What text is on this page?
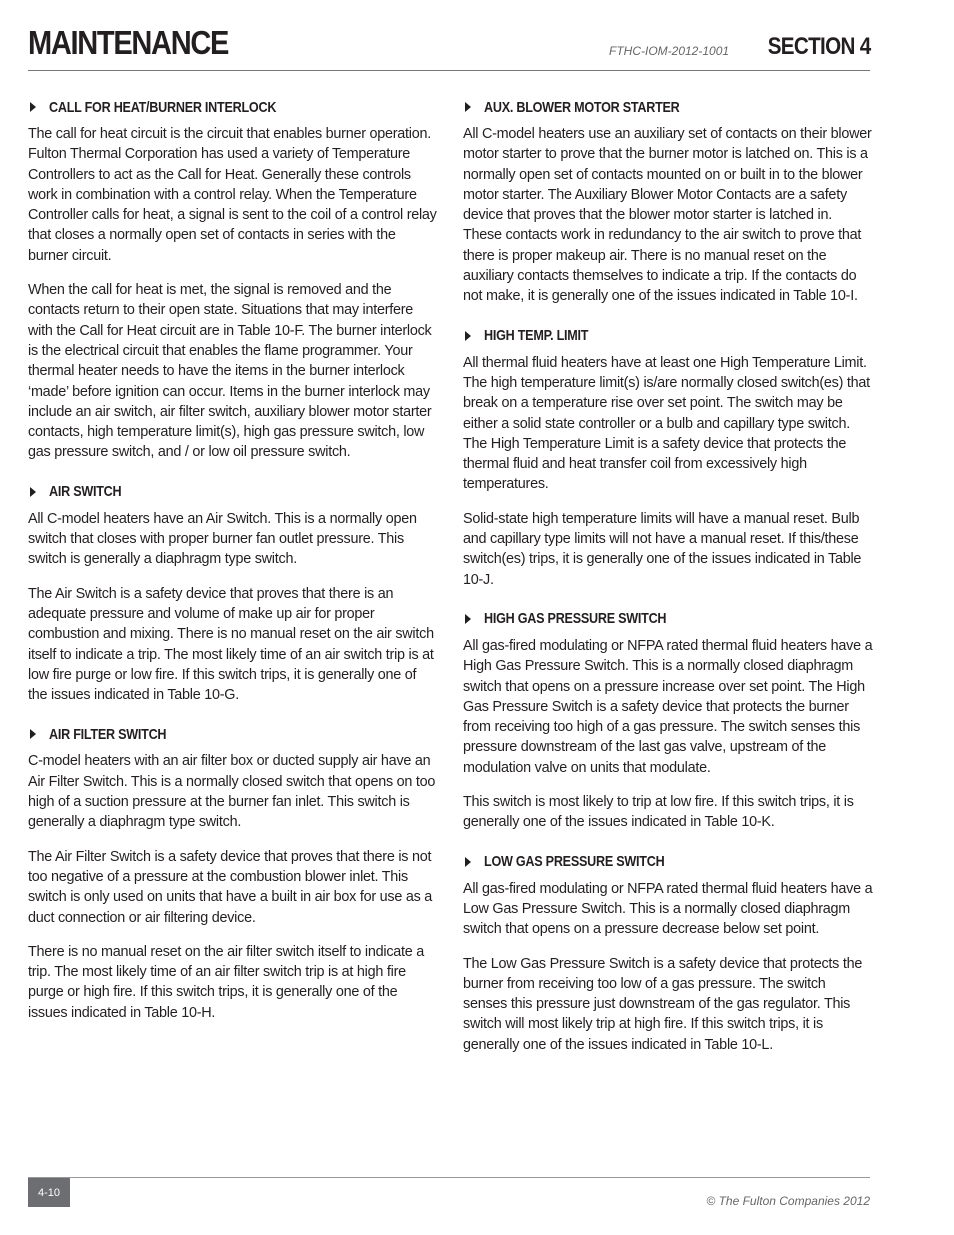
MAINTENANCE	FTHC-IOM-2012-1001 SECTION 4
CALL FOR HEAT/BURNER INTERLOCK

The call for heat circuit is the circuit that enables burner operation. Fulton Thermal Corporation has used a variety of Temperature Controllers to act as the Call for Heat. Generally these controls work in combination with a control relay. When the Temperature Controller calls for heat, a signal is sent to the coil of a control relay that closes a normally open set of contacts in series with the burner circuit.

When the call for heat is met, the signal is removed and the contacts return to their open state. Situations that may interfere with the Call for Heat circuit are in Table 10-F. The burner interlock is the electrical circuit that enables the flame programmer. Your thermal heater needs to have the items in the burner interlock ‘made’ before ignition can occur. Items in the burner interlock may include an air switch, air filter switch, auxiliary blower motor starter contacts, high temperature limit(s), high gas pressure switch, low gas pressure switch, and / or low oil pressure switch.

AIR SWITCH

All C-model heaters have an Air Switch. This is a normally open switch that closes with proper burner fan outlet pressure. This switch is generally a diaphragm type switch.

The Air Switch is a safety device that proves that there is an adequate pressure and volume of make up air for proper combustion and mixing. There is no manual reset on the air switch itself to indicate a trip. The most likely time of an air switch trip is at low fire purge or low fire. If this switch trips, it is generally one of the issues indicated in Table 10-G.

AIR FILTER SWITCH

C-model heaters with an air filter box or ducted supply air have an Air Filter Switch. This is a normally closed switch that opens on too high of a suction pressure at the burner fan inlet. This switch is generally a diaphragm type switch.

The Air Filter Switch is a safety device that proves that there is not too negative of a pressure at the combustion blower inlet. This switch is only used on units that have a built in air box for use as a duct connection or air filtering device.

There is no manual reset on the air filter switch itself to indicate a trip. The most likely time of an air filter switch trip is at high fire purge or high fire. If this switch trips, it is generally one of the issues indicated in Table 10-H.

AUX. BLOWER MOTOR STARTER

All C-model heaters use an auxiliary set of contacts on their blower motor starter to prove that the burner motor is latched on. This is a normally open set of contacts mounted on or built in to the blower motor starter. The Auxiliary Blower Motor Contacts are a safety device that proves that the blower motor starter is latched in. These contacts work in redundancy to the air switch to prove that there is proper makeup air. There is no manual reset on the auxiliary contacts themselves to indicate a trip. If the contacts do not make, it is generally one of the issues indicated in Table 10-I.

HIGH TEMP. LIMIT

All thermal fluid heaters have at least one High Temperature Limit. The high temperature limit(s) is/are normally closed switch(es) that break on a temperature rise over set point. The switch may be either a solid state controller or a bulb and capillary type switch. The High Temperature Limit is a safety device that protects the thermal fluid and heat transfer coil from excessively high temperatures.

Solid-state high temperature limits will have a manual reset. Bulb and capillary type limits will not have a manual reset. If this/these switch(es) trips, it is generally one of the issues indicated in Table 10-J.

HIGH GAS PRESSURE SWITCH

All gas-fired modulating or NFPA rated thermal fluid heaters have a High Gas Pressure Switch. This is a normally closed diaphragm switch that opens on a pressure increase over set point. The High Gas Pressure Switch is a safety device that protects the burner from receiving too high of a gas pressure. The switch senses this pressure downstream of the last gas valve, upstream of the modulation valve on units that modulate.

This switch is most likely to trip at low fire. If this switch trips, it is generally one of the issues indicated in Table 10-K.

LOW GAS PRESSURE SWITCH

All gas-fired modulating or NFPA rated thermal fluid heaters have a Low Gas Pressure Switch. This is a normally closed diaphragm switch that opens on a pressure decrease below set point.

The Low Gas Pressure Switch is a safety device that protects the burner from receiving too low of a gas pressure. The switch senses this pressure just downstream of the gas regulator. This switch will most likely trip at high fire. If this switch trips, it is generally one of the issues indicated in Table 10-L.

4-10
© The Fulton Companies 2012
